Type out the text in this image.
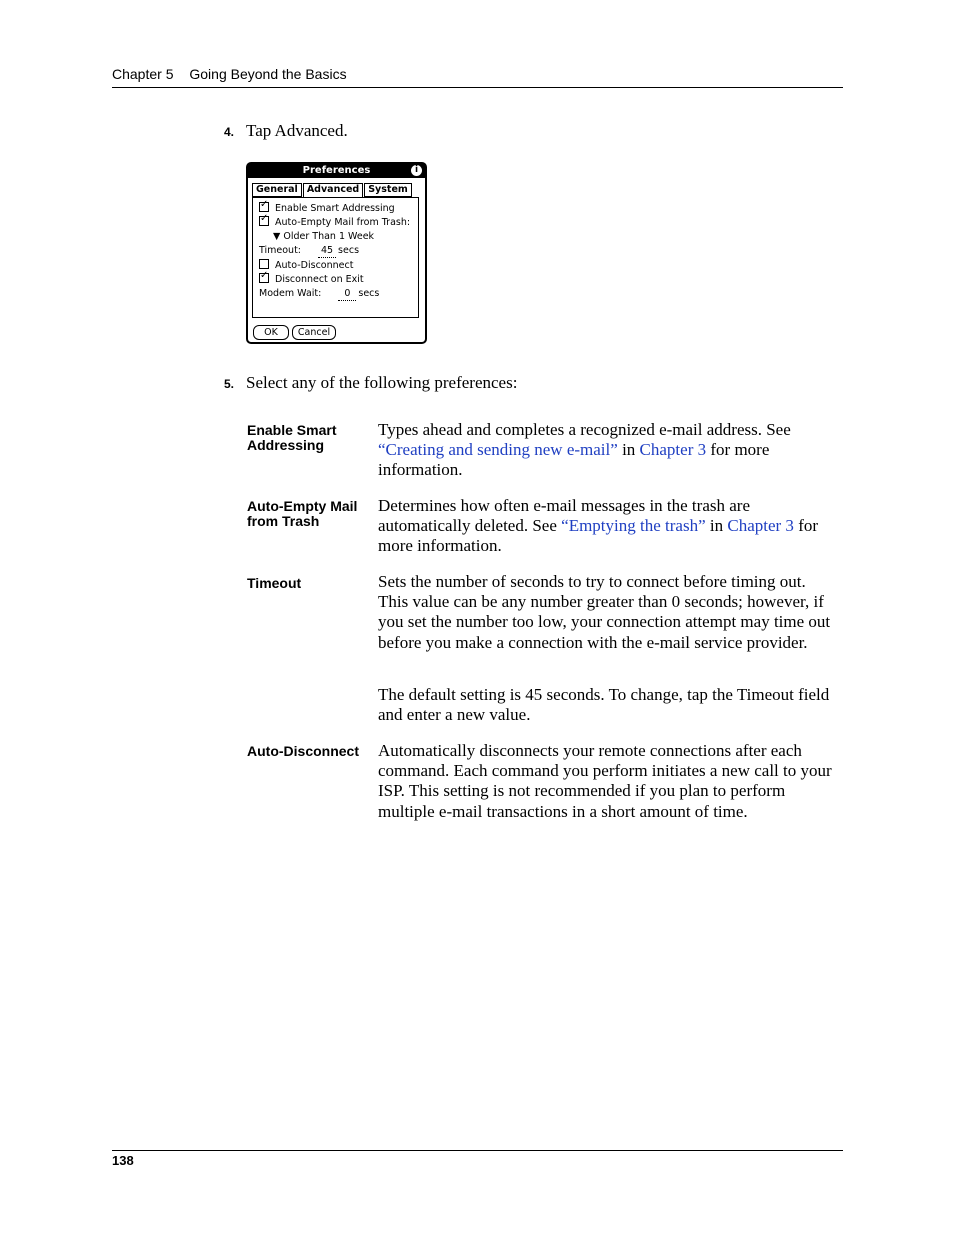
Chapter 5 Going Beyond the Basics
4. Tap Advanced.
Preferences	i
General Advanced System
✓Enable Smart Addressing
✓Auto-Empty Mail from Trash:
▼ Older Than 1 Week
Timeout: 45 secs
Auto-Disconnect
✓Disconnect on Exit
Modem Wait: 0 secs
OK	Cancel
5. Select any of the following preferences:
Enable Smart Addressing
Types ahead and completes a recognized e-mail address. See “Creating and sending new e-mail” in Chapter 3 for more information.
Auto-Empty Mail from Trash
Determines how often e-mail messages in the trash are automatically deleted. See “Emptying the trash” in Chapter 3 for more information.
Timeout	Sets the number of seconds to try to connect before timing out. This value can be any number greater than 0 seconds; however, if you set the number too low, your connection attempt may time out before you make a connection with the e-mail service provider.
The default setting is 45 seconds. To change, tap the Timeout field and enter a new value.
Auto-Disconnect	Automatically disconnects your remote connections after each command. Each command you perform initiates a new call to your ISP. This setting is not recommended if you plan to perform multiple e-mail transactions in a short amount of time.
138
